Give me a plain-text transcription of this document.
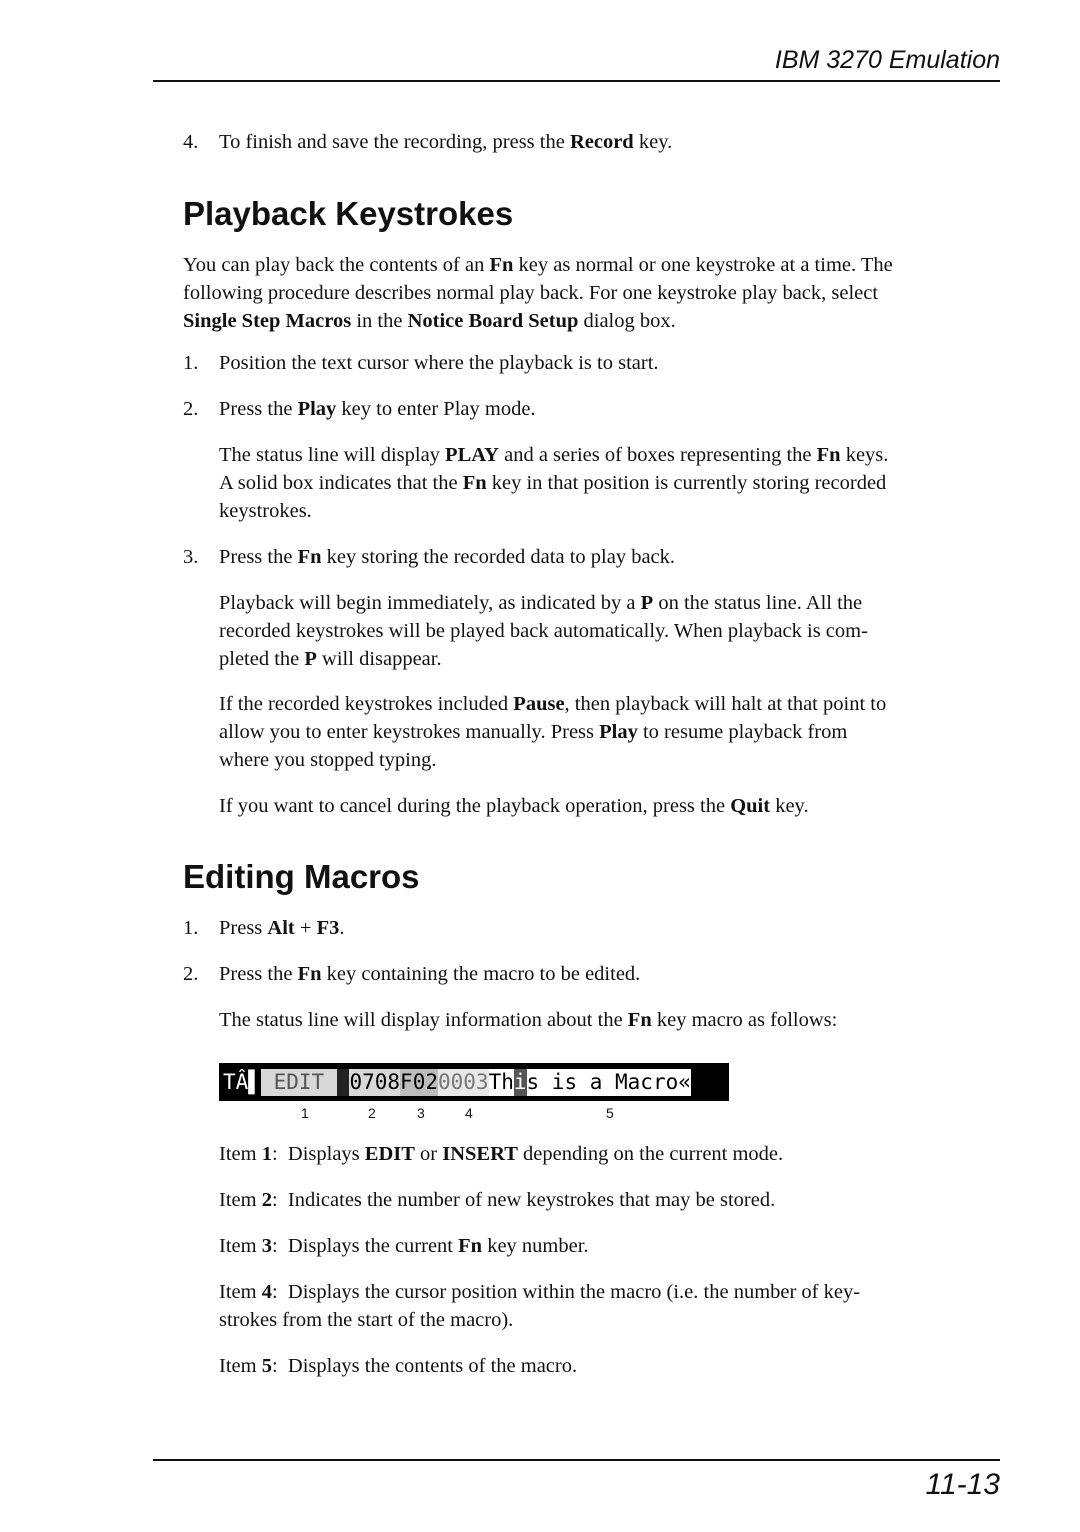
IBM 3270 Emulation
4. To finish and save the recording, press the Record key.

Playback Keystrokes

You can play back the contents of an Fn key as normal or one keystroke at a time. The

following procedure describes normal play back. For one keystroke play back, select

Single Step Macros in the Notice Board Setup dialog box.

1. Position the text cursor where the playback is to start.

2. Press the Play key to enter Play mode.

The status line will display PLAY and a series of boxes representing the Fn keys.

A solid box indicates that the Fn key in that position is currently storing recorded

keystrokes.

3. Press the Fn key storing the recorded data to play back.

Playback will begin immediately, as indicated by a P on the status line. All the

recorded keystrokes will be played back automatically. When playback is com-

pleted the P will disappear.

If the recorded keystrokes included Pause, then playback will halt at that point to

allow you to enter keystrokes manually. Press Play to resume playback from

where you stopped typing.

If you want to cancel during the playback operation, press the Quit key.

Editing Macros
1. Press Alt + F3.

2. Press the Fn key containing the macro to be edited.

The status line will display information about the Fn key macro as follows:

TÂ▌ EDIT  0708F020003This is a Macro«
1	2	3	4	5

Item 1: Displays EDIT or INSERT depending on the current mode.

Item 2: Indicates the number of new keystrokes that may be stored.

Item 3: Displays the current Fn key number.

Item 4: Displays the cursor position within the macro (i.e. the number of key-

strokes from the start of the macro).

Item 5: Displays the contents of the macro.

11-13
